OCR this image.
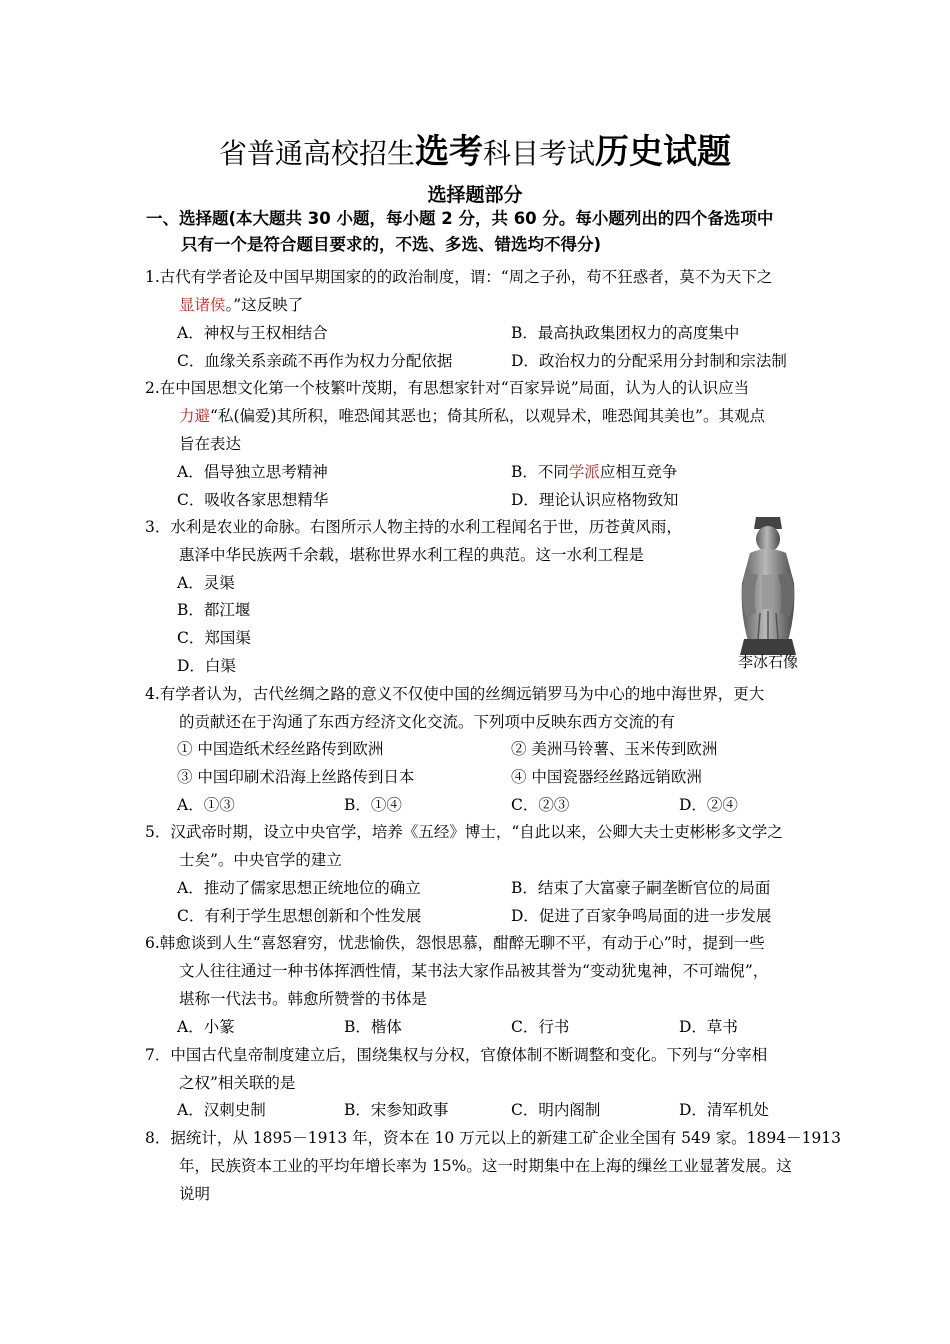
省普通高校招生选考科目考试历史试题
选择题部分
一、选择题(本大题共 30 小题，每小题 2 分，共 60 分。每小题列出的四个备选项中
只有一个是符合题目要求的，不选、多选、错选均不得分)
1.古代有学者论及中国早期国家的的政治制度，谓：“周之子孙，苟不狂惑者，莫不为天下之
显诸侯。”这反映了
A．神权与王权相结合	B．最高执政集团权力的高度集中
C．血缘关系亲疏不再作为权力分配依据	D．政治权力的分配采用分封制和宗法制
2.在中国思想文化第一个枝繁叶茂期，有思想家针对“百家异说”局面，认为人的认识应当
力避“私(偏爱)其所积，唯恐闻其恶也；倚其所私，以观异术，唯恐闻其美也”。其观点
旨在表达
A．倡导独立思考精神	B．不同学派应相互竞争
C．吸收各家思想精华	D．理论认识应格物致知
3．水利是农业的命脉。右图所示人物主持的水利工程闻名于世，历苍黄风雨，
惠泽中华民族两千余载，堪称世界水利工程的典范。这一水利工程是
A．灵渠
B．都江堰
C．郑国渠
D．白渠	李冰石像
4.有学者认为，古代丝绸之路的意义不仅使中国的丝绸远销罗马为中心的地中海世界，更大
的贡献还在于沟通了东西方经济文化交流。下列项中反映东西方交流的有
① 中国造纸术经丝路传到欧洲	② 美洲马铃薯、玉米传到欧洲
③ 中国印刷术沿海上丝路传到日本	④ 中国瓷器经丝路远销欧洲
A．①③	B．①④	C．②③	D．②④
5．汉武帝时期，设立中央官学，培养《五经》博士，“自此以来，公卿大夫士吏彬彬多文学之
士矣”。中央官学的建立
A．推动了儒家思想正统地位的确立	B．结束了大富豪子嗣垄断官位的局面
C．有利于学生思想创新和个性发展	D．促进了百家争鸣局面的进一步发展
6.韩愈谈到人生“喜怒窘穷，忧悲愉佚，怨恨思慕，酣醉无聊不平，有动于心”时，提到一些
文人往往通过一种书体挥洒性情，某书法大家作品被其誉为“变动犹鬼神，不可端倪”，
堪称一代法书。韩愈所赞誉的书体是
A．小篆	B．楷体	C．行书	D．草书
7．中国古代皇帝制度建立后，围绕集权与分权，官僚体制不断调整和变化。下列与“分宰相
之权”相关联的是
A．汉刺史制	B．宋参知政事	C．明内阁制	D．清军机处
8．据统计，从 1895－1913 年，资本在 10 万元以上的新建工矿企业全国有 549 家。1894－1913
年，民族资本工业的平均年增长率为 15%。这一时期集中在上海的缫丝工业显著发展。这
说明
